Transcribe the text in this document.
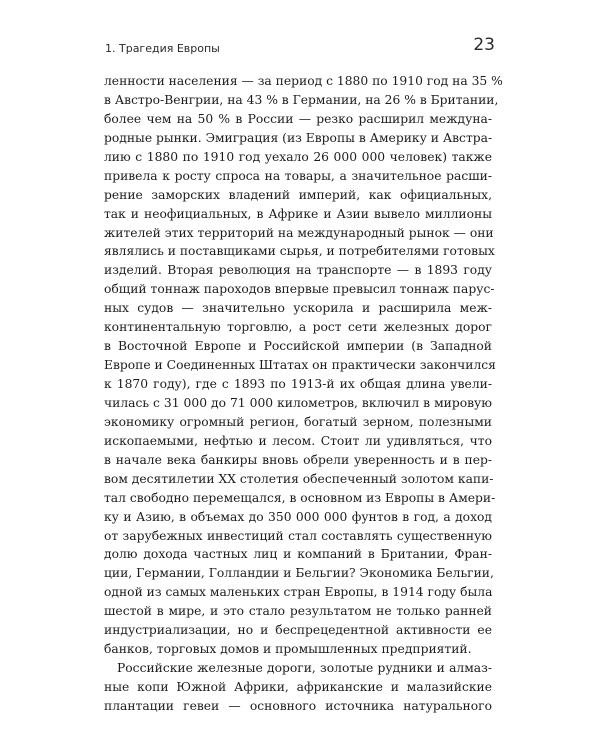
1. Трагедия Европы	23
ленности населения — за период с 1880 по 1910 год на 35 %
в Австро-Венгрии, на 43 % в Германии, на 26 % в Британии,
более чем на 50 % в России — резко расширил междуна-
родные рынки. Эмиграция (из Европы в Америку и Австра-
лию с 1880 по 1910 год уехало 26 000 000 человек) также
привела к росту спроса на товары, а значительное расши-
рение заморских владений империй, как официальных,
так и неофициальных, в Африке и Азии вывело миллионы
жителей этих территорий на международный рынок — они
являлись и поставщиками сырья, и потребителями готовых
изделий. Вторая революция на транспорте — в 1893 году
общий тоннаж пароходов впервые превысил тоннаж парус-
ных судов — значительно ускорила и расширила меж-
континентальную торговлю, а рост сети железных дорог
в Восточной Европе и Российской империи (в Западной
Европе и Соединенных Штатах он практически закончился
к 1870 году), где с 1893 по 1913-й их общая длина увели-
чилась с 31 000 до 71 000 километров, включил в мировую
экономику огромный регион, богатый зерном, полезными
ископаемыми, нефтью и лесом. Стоит ли удивляться, что
в начале века банкиры вновь обрели уверенность и в пер-
вом десятилетии XX столетия обеспеченный золотом капи-
тал свободно перемещался, в основном из Европы в Амери-
ку и Азию, в объемах до 350 000 000 фунтов в год, а доход
от зарубежных инвестиций стал составлять существенную
долю дохода частных лиц и компаний в Британии, Фран-
ции, Германии, Голландии и Бельгии? Экономика Бельгии,
одной из самых маленьких стран Европы, в 1914 году была
шестой в мире, и это стало результатом не только ранней
индустриализации, но и беспрецедентной активности ее
банков, торговых домов и промышленных предприятий.
Российские железные дороги, золотые рудники и алмаз-
ные копи Южной Африки, африканские и малазийские
плантации гевеи — основного источника натурального
